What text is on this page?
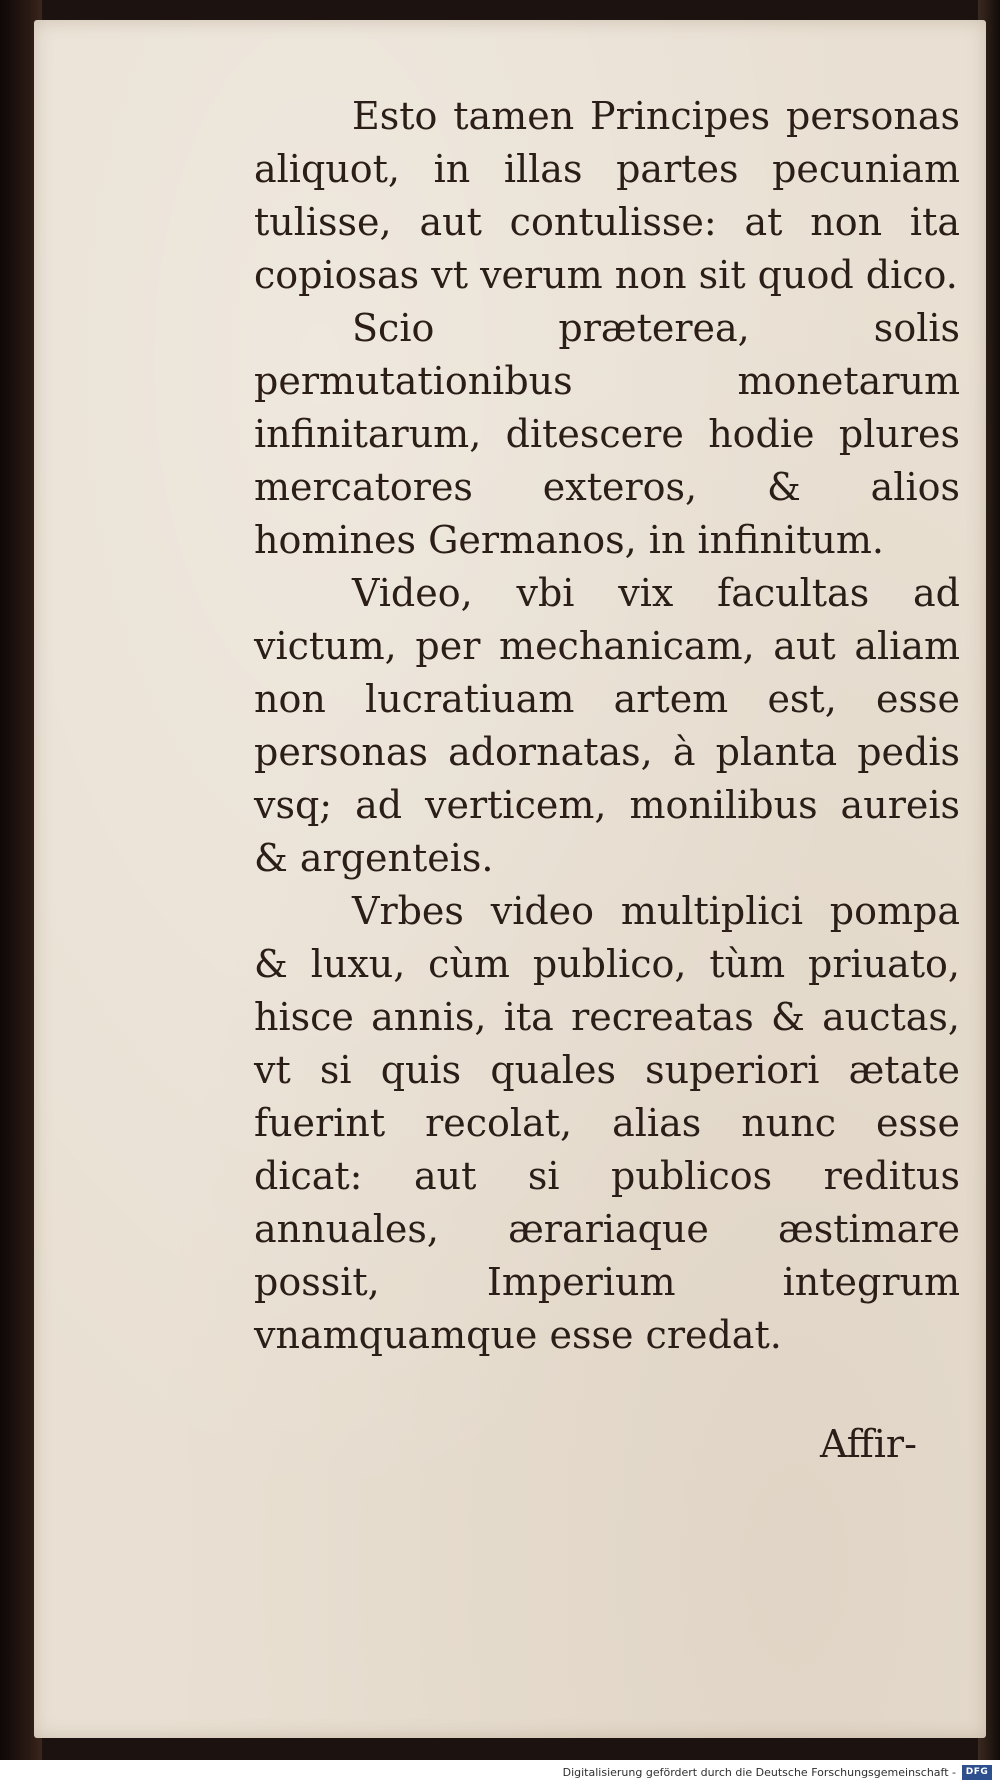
Esto tamen Principes personas aliquot, in illas partes pecuniam tulisse, aut contulisse: at non ita copiosas vt verum non sit quod dico.

Scio præterea, solis permutationibus monetarum infinitarum, ditescere hodie plures mercatores exteros, & alios homines Germanos, in infinitum.

Video, vbi vix facultas ad victum, per mechanicam, aut aliam non lucratiuam artem est, esse personas adornatas, à planta pedis vsq; ad verticem, monilibus aureis & argenteis.

Vrbes video multiplici pompa & luxu, cùm publico, tùm priuato, hisce annis, ita recreatas & auctas, vt si quis quales superiori ætate fuerint recolat, alias nunc esse dicat: aut si publicos reditus annuales, ærariaque æstimare possit, Imperium integrum vnamquamque esse credat.

Affir-
Digitalisierung gefördert durch die Deutsche Forschungsgemeinschaft -	DFG
